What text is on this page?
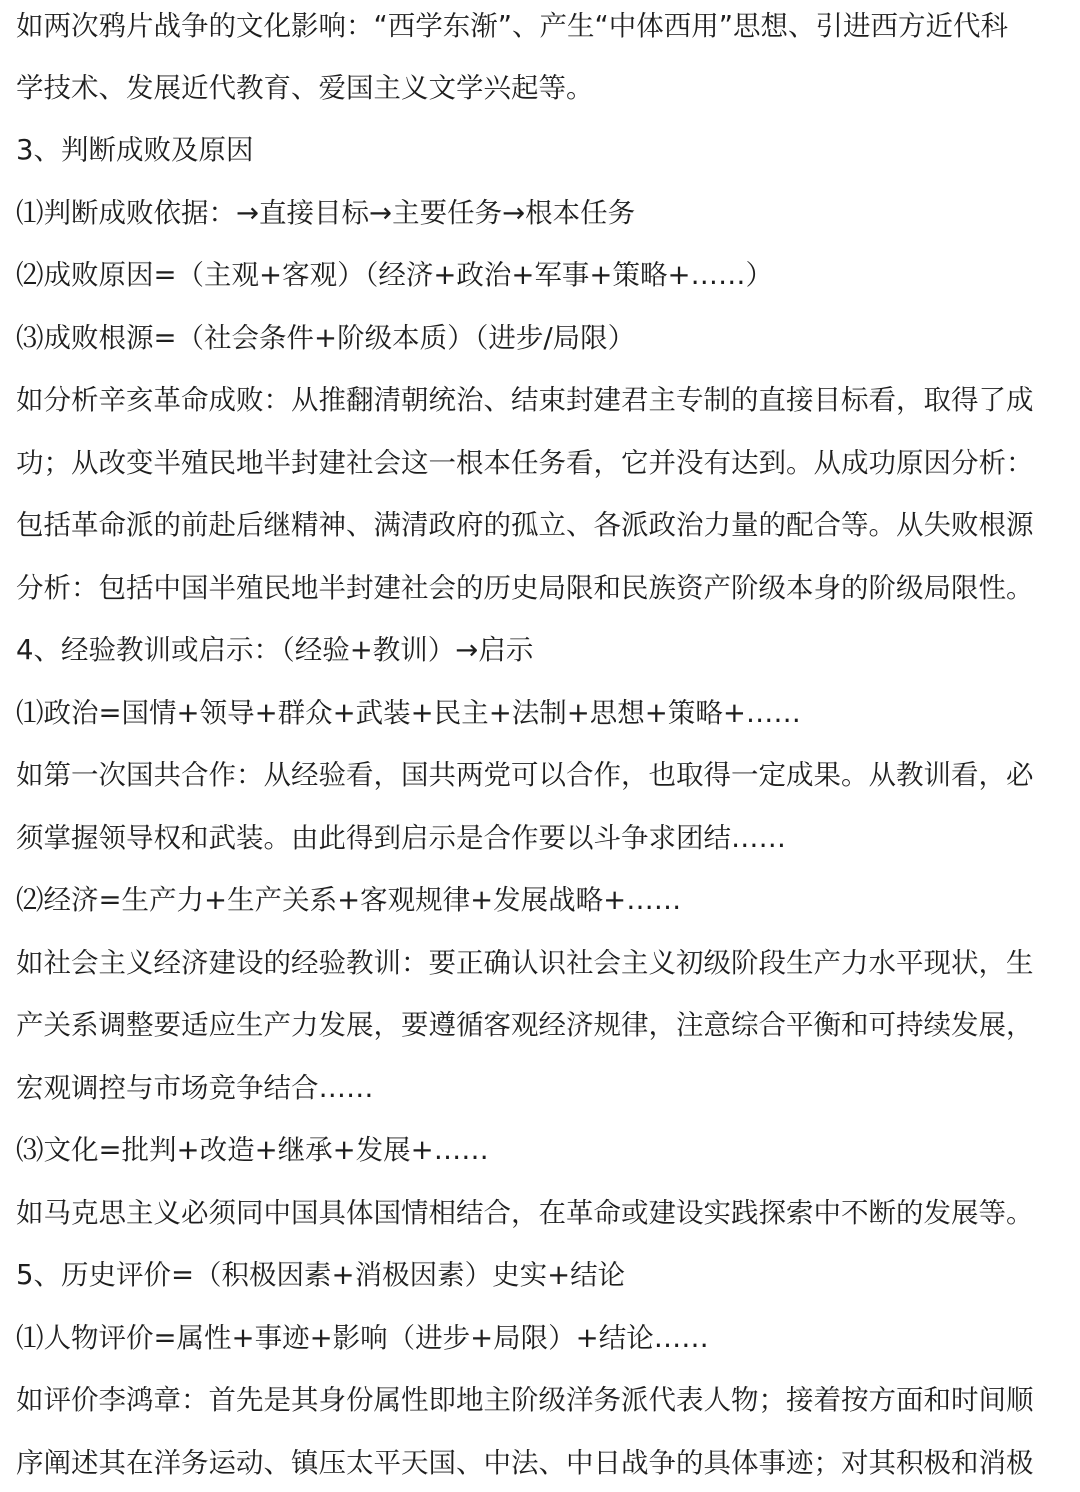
如两次鸦片战争的文化影响：“西学东渐”、产生“中体西用”思想、引进西方近代科
学技术、发展近代教育、爱国主义文学兴起等。
3、判断成败及原因
⑴判断成败依据：→直接目标→主要任务→根本任务
⑵成败原因=（主观+客观）（经济+政治+军事+策略+……）
⑶成败根源=（社会条件+阶级本质）（进步/局限）
如分析辛亥革命成败：从推翻清朝统治、结束封建君主专制的直接目标看，取得了成
功；从改变半殖民地半封建社会这一根本任务看，它并没有达到。从成功原因分析：
包括革命派的前赴后继精神、满清政府的孤立、各派政治力量的配合等。从失败根源
分析：包括中国半殖民地半封建社会的历史局限和民族资产阶级本身的阶级局限性。
4、经验教训或启示：（经验+教训）→启示
⑴政治=国情+领导+群众+武装+民主+法制+思想+策略+……
如第一次国共合作：从经验看，国共两党可以合作，也取得一定成果。从教训看，必
须掌握领导权和武装。由此得到启示是合作要以斗争求团结……
⑵经济=生产力+生产关系+客观规律+发展战略+……
如社会主义经济建设的经验教训：要正确认识社会主义初级阶段生产力水平现状，生
产关系调整要适应生产力发展，要遵循客观经济规律，注意综合平衡和可持续发展，
宏观调控与市场竞争结合……
⑶文化=批判+改造+继承+发展+……
如马克思主义必须同中国具体国情相结合，在革命或建设实践探索中不断的发展等。
5、历史评价=（积极因素+消极因素）史实+结论
⑴人物评价=属性+事迹+影响（进步+局限）+结论……
如评价李鸿章：首先是其身份属性即地主阶级洋务派代表人物；接着按方面和时间顺
序阐述其在洋务运动、镇压太平天国、中法、中日战争的具体事迹；对其积极和消极
